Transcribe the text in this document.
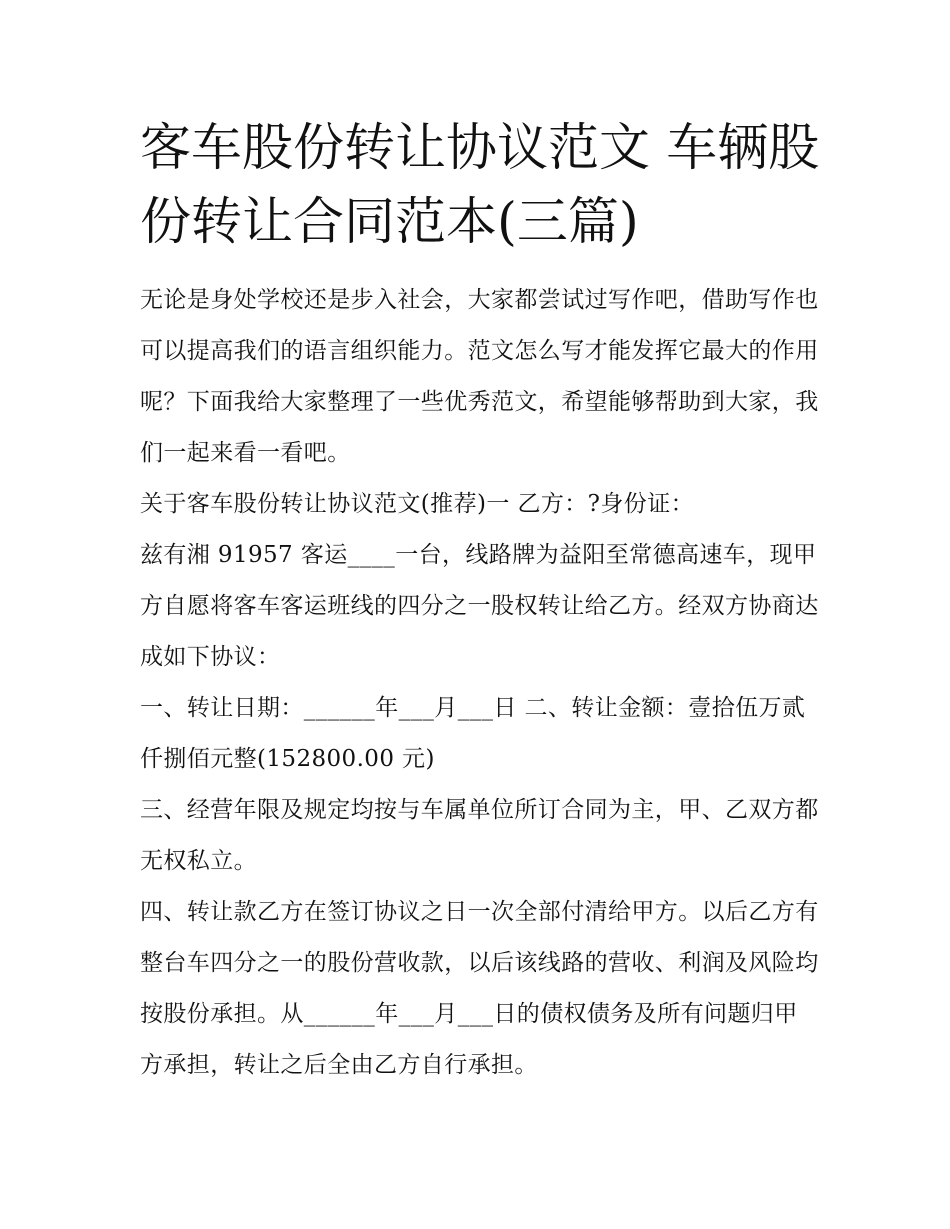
客车股份转让协议范文 车辆股份转让合同范本(三篇)

无论是身处学校还是步入社会，大家都尝试过写作吧，借助写作也可以提高我们的语言组织能力。范文怎么写才能发挥它最大的作用呢？下面我给大家整理了一些优秀范文，希望能够帮助到大家，我们一起来看一看吧。

关于客车股份转让协议范文(推荐)一 乙方：?身份证：

兹有湘 91957 客运____一台，线路牌为益阳至常德高速车，现甲方自愿将客车客运班线的四分之一股权转让给乙方。经双方协商达成如下协议：

一、转让日期：______年___月___日 二、转让金额：壹拾伍万贰仟捌佰元整(152800.00 元)

三、经营年限及规定均按与车属单位所订合同为主，甲、乙双方都无权私立。

四、转让款乙方在签订协议之日一次全部付清给甲方。以后乙方有整台车四分之一的股份营收款，以后该线路的营收、利润及风险均按股份承担。从______年___月___日的债权债务及所有问题归甲方承担，转让之后全由乙方自行承担。
